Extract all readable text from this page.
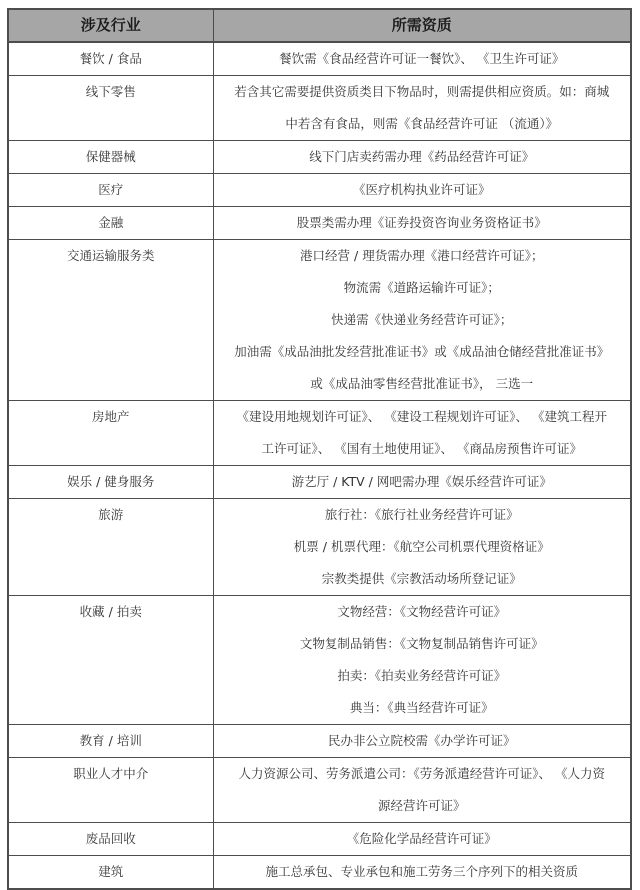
涉及行业	所需资质
餐饮 / 食品	餐饮需《食品经营许可证一餐饮》、 《卫生许可证》

线下零售	若含其它需要提供资质类目下物品时，则需提供相应资质。如：商城
中若含有食品，则需《食品经营许可证 （流通）》

保健器械	线下门店卖药需办理《药品经营许可证》

医疗	《医疗机构执业许可证》

金融	股票类需办理《证券投资咨询业务资格证书》

交通运输服务类	港口经营 / 理货需办理《港口经营许可证》；
物流需《道路运输许可证》；
快递需《快递业务经营许可证》；
加油需《成品油批发经营批准证书》或《成品油仓储经营批准证书》
或《成品油零售经营批准证书》， 三选一

房地产	《建设用地规划许可证》、 《建设工程规划许可证》、 《建筑工程开
工许可证》、 《国有土地使用证》、 《商品房预售许可证》

娱乐 / 健身服务	游艺厅 / KTV / 网吧需办理《娱乐经营许可证》

旅游	旅行社：《旅行社业务经营许可证》
机票 / 机票代理：《航空公司机票代理资格证》
宗教类提供《宗教活动场所登记证》

收藏 / 拍卖	文物经营：《文物经营许可证》
文物复制品销售：《文物复制品销售许可证》
拍卖：《拍卖业务经营许可证》
典当：《典当经营许可证》

教育 / 培训	民办非公立院校需《办学许可证》

职业人才中介	人力资源公司、劳务派遣公司：《劳务派遣经营许可证》、 《人力资
源经营许可证》

废品回收	《危险化学品经营许可证》

建筑	施工总承包、专业承包和施工劳务三个序列下的相关资质
